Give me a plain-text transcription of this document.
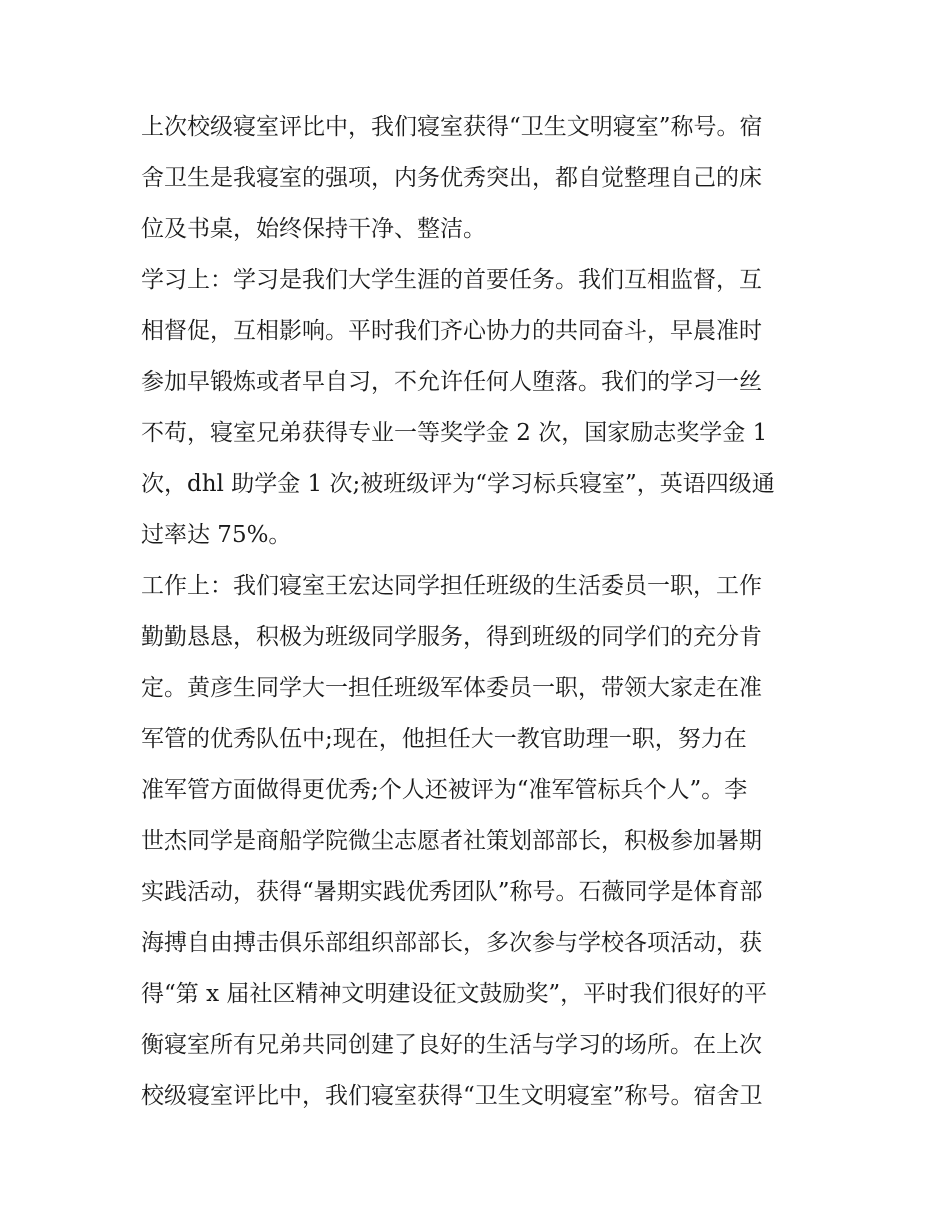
上次校级寝室评比中，我们寝室获得“卫生文明寝室”称号。宿
舍卫生是我寝室的强项，内务优秀突出，都自觉整理自己的床
位及书桌，始终保持干净、整洁。
学习上：学习是我们大学生涯的首要任务。我们互相监督，互
相督促，互相影响。平时我们齐心协力的共同奋斗，早晨准时
参加早锻炼或者早自习，不允许任何人堕落。我们的学习一丝
不苟，寝室兄弟获得专业一等奖学金 2 次，国家励志奖学金 1
次，dhl 助学金 1 次;被班级评为“学习标兵寝室”，英语四级通
过率达 75%。
工作上：我们寝室王宏达同学担任班级的生活委员一职，工作
勤勤恳恳，积极为班级同学服务，得到班级的同学们的充分肯
定。黄彦生同学大一担任班级军体委员一职，带领大家走在准
军管的优秀队伍中;现在，他担任大一教官助理一职，努力在
准军管方面做得更优秀;个人还被评为“准军管标兵个人”。李
世杰同学是商船学院微尘志愿者社策划部部长，积极参加暑期
实践活动，获得“暑期实践优秀团队”称号。石薇同学是体育部
海搏自由搏击俱乐部组织部部长，多次参与学校各项活动，获
得“第 x 届社区精神文明建设征文鼓励奖”，平时我们很好的平
衡寝室所有兄弟共同创建了良好的生活与学习的场所。在上次
校级寝室评比中，我们寝室获得“卫生文明寝室”称号。宿舍卫
